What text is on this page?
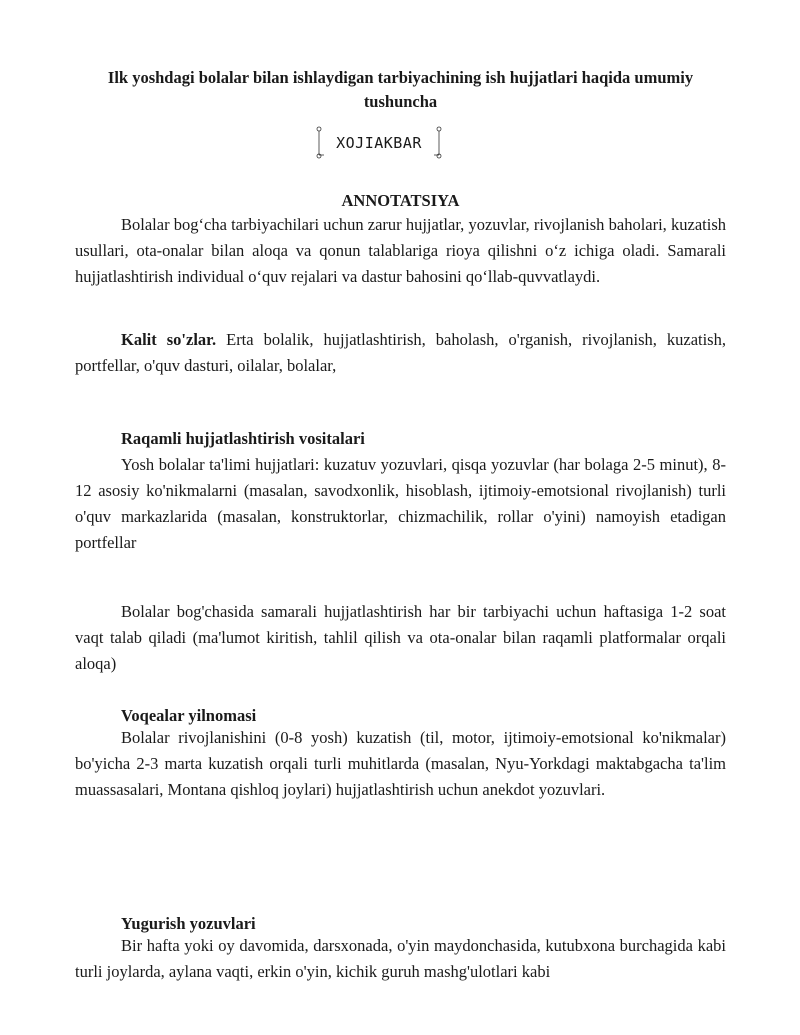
Ilk yoshdagi bolalar bilan ishlaydigan tarbiyachining ish hujjatlari haqida umumiy tushuncha
XOJIAKBAR
ANNOTATSIYA

Bolalar bog‘cha tarbiyachilari uchun zarur hujjatlar, yozuvlar, rivojlanish baholari, kuzatish usullari, ota-onalar bilan aloqa va qonun talablariga rioya qilishni o‘z ichiga oladi. Samarali hujjatlashtirish individual o‘quv rejalari va dastur bahosini qo‘llab-quvvatlaydi.

Kalit so'zlar. Erta bolalik, hujjatlashtirish, baholash, o'rganish, rivojlanish, kuzatish, portfellar, o'quv dasturi, oilalar, bolalar,

Raqamli hujjatlashtirish vositalari

Yosh bolalar ta'limi hujjatlari: kuzatuv yozuvlari, qisqa yozuvlar (har bolaga 2-5 minut), 8-12 asosiy ko'nikmalarni (masalan, savodxonlik, hisoblash, ijtimoiy-emotsional rivojlanish) turli o'quv markazlarida (masalan, konstruktorlar, chizmachilik, rollar o'yini) namoyish etadigan portfellar

Bolalar bog'chasida samarali hujjatlashtirish har bir tarbiyachi uchun haftasiga 1-2 soat vaqt talab qiladi (ma'lumot kiritish, tahlil qilish va ota-onalar bilan raqamli platformalar orqali aloqa)

Voqealar yilnomasi

Bolalar rivojlanishini (0-8 yosh) kuzatish (til, motor, ijtimoiy-emotsional ko'nikmalar) bo'yicha 2-3 marta kuzatish orqali turli muhitlarda (masalan, Nyu-Yorkdagi maktabgacha ta'lim muassasalari, Montana qishloq joylari) hujjatlashtirish uchun anekdot yozuvlari.

Yugurish yozuvlari

Bir hafta yoki oy davomida, darsxonada, o'yin maydonchasida, kutubxona burchagida kabi turli joylarda, aylana vaqti, erkin o'yin, kichik guruh mashg'ulotlari kabi
